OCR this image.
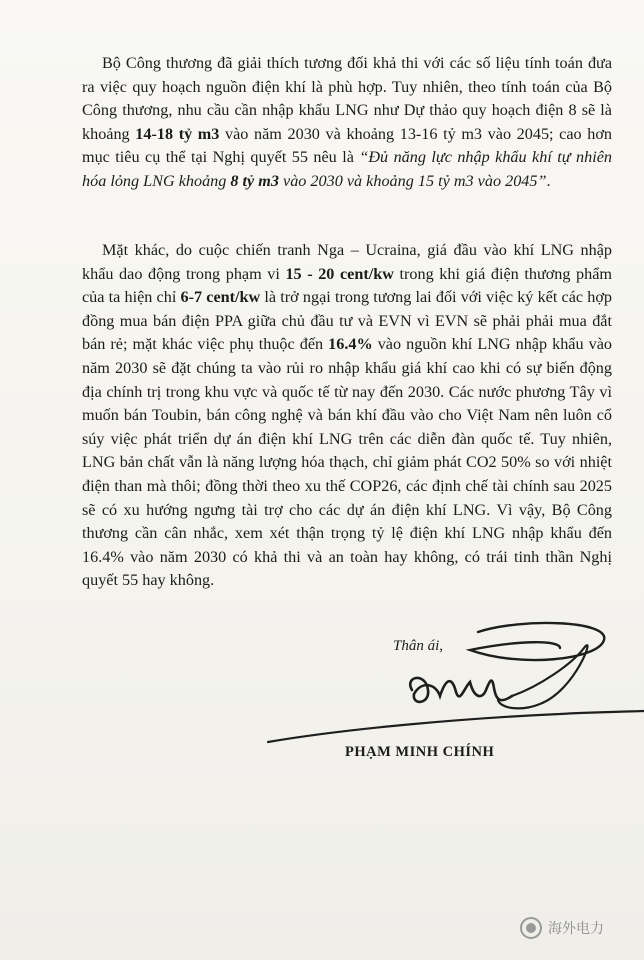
Bộ Công thương đã giải thích tương đối khả thi với các số liệu tính toán đưa ra việc quy hoạch nguồn điện khí là phù hợp. Tuy nhiên, theo tính toán của Bộ Công thương, nhu cầu cần nhập khẩu LNG như Dự thảo quy hoạch điện 8 sẽ là khoảng 14-18 tỷ m3 vào năm 2030 và khoảng 13-16 tỷ m3 vào 2045; cao hơn mục tiêu cụ thể tại Nghị quyết 55 nêu là “Đủ năng lực nhập khẩu khí tự nhiên hóa lỏng LNG khoảng 8 tỷ m3 vào 2030 và khoảng 15 tỷ m3 vào 2045”.

Mặt khác, do cuộc chiến tranh Nga – Ucraina, giá đầu vào khí LNG nhập khẩu dao động trong phạm vi 15 - 20 cent/kw trong khi giá điện thương phẩm của ta hiện chỉ 6-7 cent/kw là trở ngại trong tương lai đối với việc ký kết các hợp đồng mua bán điện PPA giữa chủ đầu tư và EVN vì EVN sẽ phải phải mua đắt bán rẻ; mặt khác việc phụ thuộc đến 16.4% vào nguồn khí LNG nhập khẩu vào năm 2030 sẽ đặt chúng ta vào rủi ro nhập khẩu giá khí cao khi có sự biến động địa chính trị trong khu vực và quốc tế từ nay đến 2030. Các nước phương Tây vì muốn bán Toubin, bán công nghệ và bán khí đầu vào cho Việt Nam nên luôn cổ súy việc phát triển dự án điện khí LNG trên các diễn đàn quốc tế. Tuy nhiên, LNG bản chất vẫn là năng lượng hóa thạch, chỉ giảm phát CO2 50% so với nhiệt điện than mà thôi; đồng thời theo xu thế COP26, các định chế tài chính sau 2025 sẽ có xu hướng ngưng tài trợ cho các dự án điện khí LNG. Vì vậy, Bộ Công thương cần cân nhắc, xem xét thận trọng tỷ lệ điện khí LNG nhập khẩu đến 16.4% vào năm 2030 có khả thi và an toàn hay không, có trái tinh thần Nghị quyết 55 hay không.

Thân ái,
PHẠM MINH CHÍNH
海外电力
